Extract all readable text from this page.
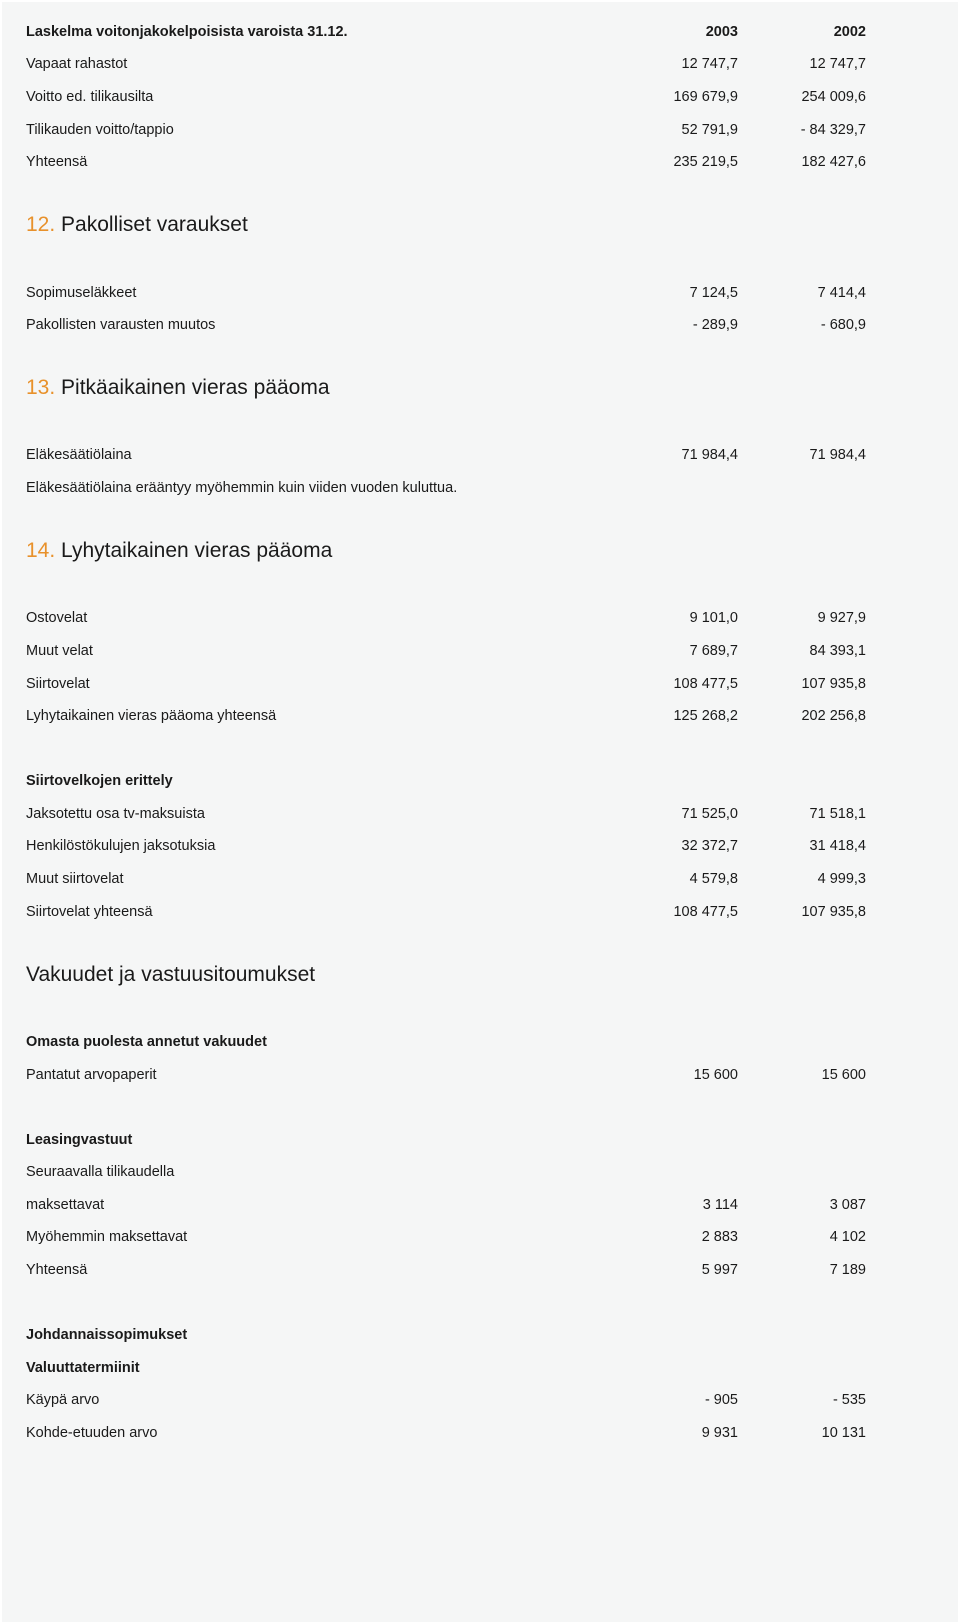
Laskelma voitonjakokelpoisista varoista 31.12.	2003	2002
Vapaat rahastot	12 747,7	12 747,7
Voitto ed. tilikausilta	169 679,9	254 009,6
Tilikauden voitto/tappio	52 791,9	- 84 329,7
Yhteensä	235 219,5	182 427,6
12. Pakolliset varaukset
Sopimuseläkkeet	7 124,5	7 414,4
Pakollisten varausten muutos	- 289,9	- 680,9
13. Pitkäaikainen vieras pääoma
Eläkesäätiölaina	71 984,4	71 984,4
Eläkesäätiölaina erääntyy myöhemmin kuin viiden vuoden kuluttua.
14. Lyhytaikainen vieras pääoma
Ostovelat	9 101,0	9 927,9
Muut velat	7 689,7	84 393,1
Siirtovelat	108 477,5	107 935,8
Lyhytaikainen vieras pääoma yhteensä	125 268,2	202 256,8
Siirtovelkojen erittely
Jaksotettu osa tv-maksuista	71 525,0	71 518,1
Henkilöstökulujen jaksotuksia	32 372,7	31 418,4
Muut siirtovelat	4 579,8	4 999,3
Siirtovelat yhteensä	108 477,5	107 935,8
Vakuudet ja vastuusitoumukset
Omasta puolesta annetut vakuudet
Pantatut arvopaperit	15 600	15 600
Leasingvastuut
Seuraavalla tilikaudella
maksettavat	3 114	3 087
Myöhemmin maksettavat	2 883	4 102
Yhteensä	5 997	7 189
Johdannaissopimukset
Valuuttatermiinit
Käypä arvo	- 905	- 535
Kohde-etuuden arvo	9 931	10 131
